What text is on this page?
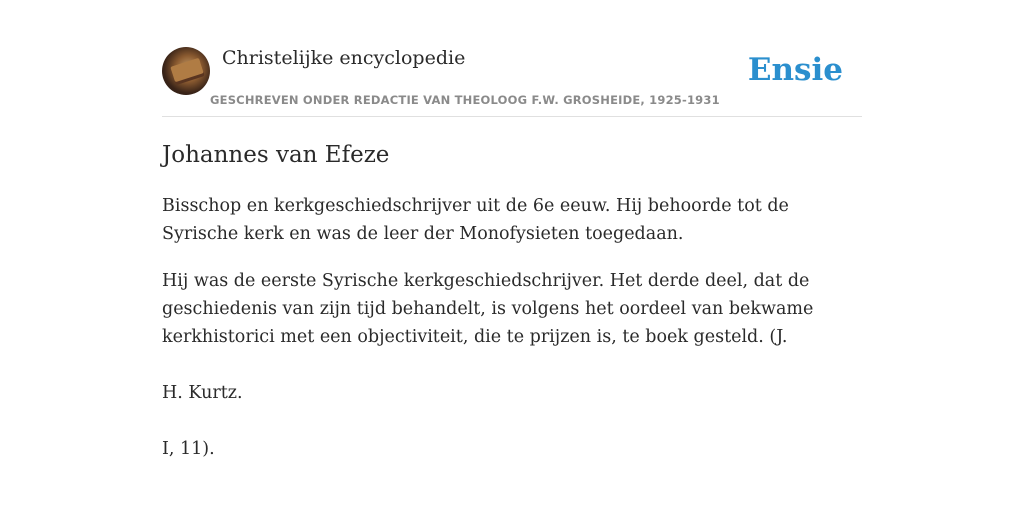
Christelijke encyclopedie
GESCHREVEN ONDER REDACTIE VAN THEOLOOG F.W. GROSHEIDE, 1925-1931
Ensie
Johannes van Efeze

Bisschop en kerkgeschiedschrijver uit de 6e eeuw. Hij behoorde tot de Syrische kerk en was de leer der Monofysieten toegedaan.

Hij was de eerste Syrische kerkgeschiedschrijver. Het derde deel, dat de geschiedenis van zijn tijd behandelt, is volgens het oordeel van bekwame kerkhistorici met een objectiviteit, die te prijzen is, te boek gesteld. (J.

H. Kurtz.

I, 11).
